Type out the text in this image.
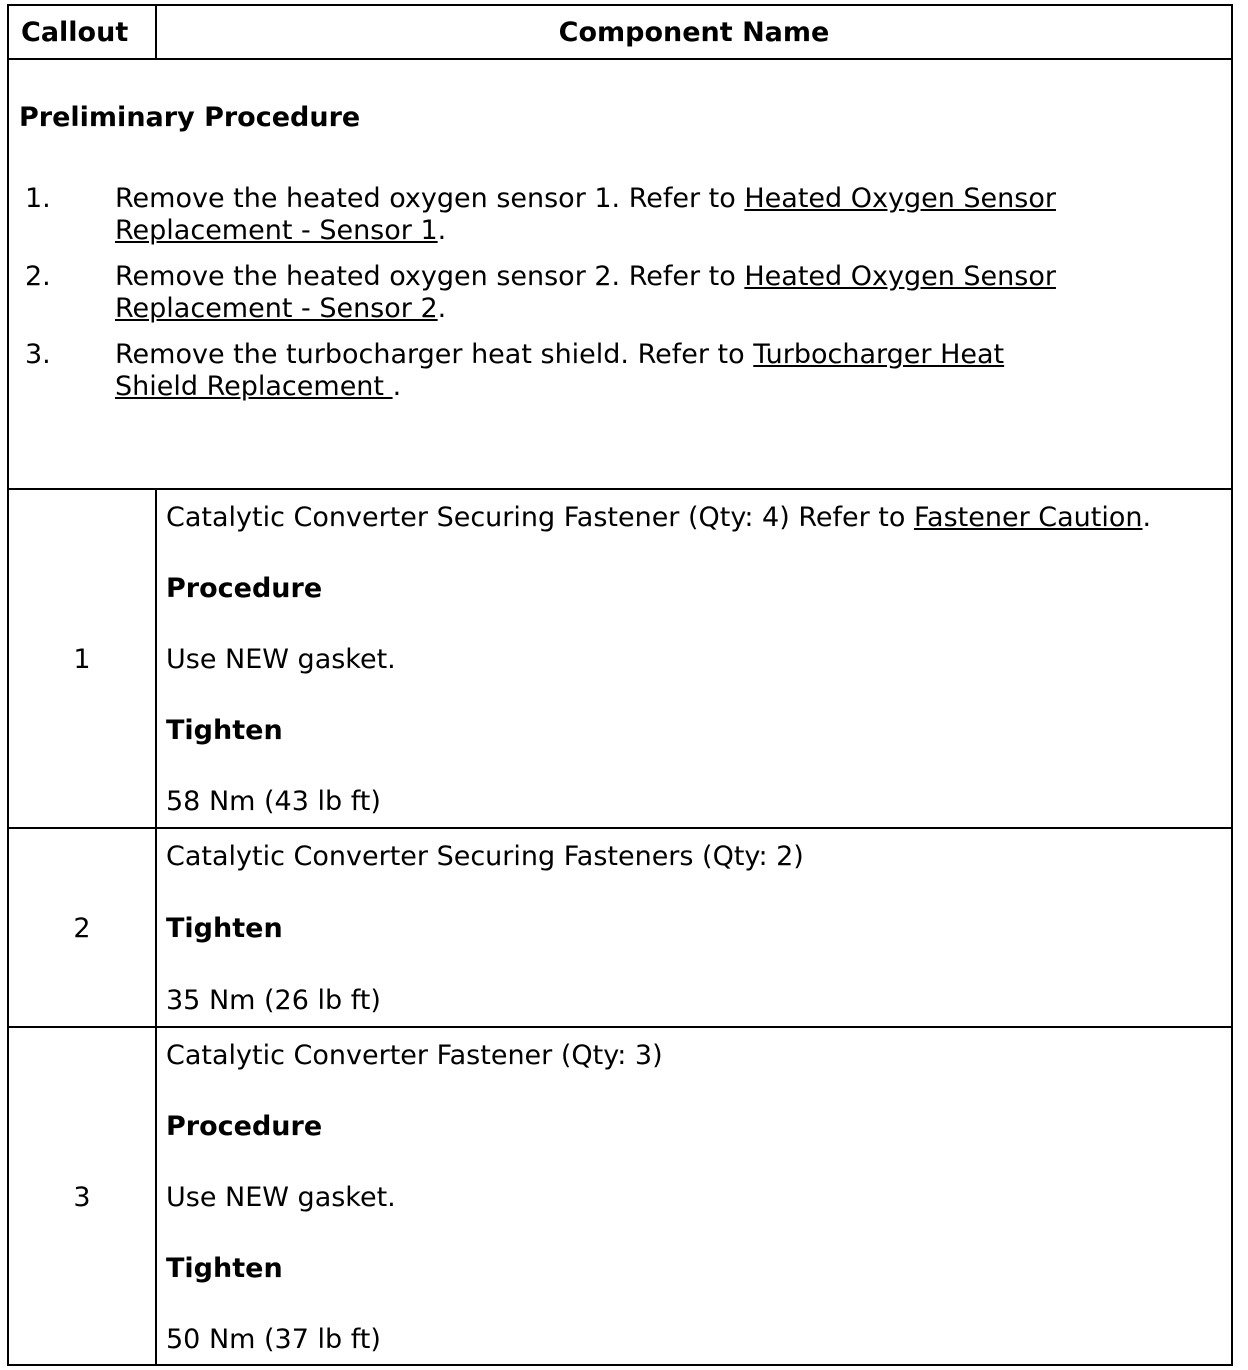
Callout	Component Name
Preliminary Procedure
1. Remove the heated oxygen sensor 1. Refer to Heated Oxygen Sensor
Replacement - Sensor 1.
2. Remove the heated oxygen sensor 2. Refer to Heated Oxygen Sensor
Replacement - Sensor 2.
3. Remove the turbocharger heat shield. Refer to Turbocharger Heat
Shield Replacement .
1
Catalytic Converter Securing Fastener (Qty: 4) Refer to Fastener Caution.
Procedure
Use NEW gasket.
Tighten
58 Nm (43 lb ft)
2
Catalytic Converter Securing Fasteners (Qty: 2)
Tighten
35 Nm (26 lb ft)
3
Catalytic Converter Fastener (Qty: 3)
Procedure
Use NEW gasket.
Tighten
50 Nm (37 lb ft)
